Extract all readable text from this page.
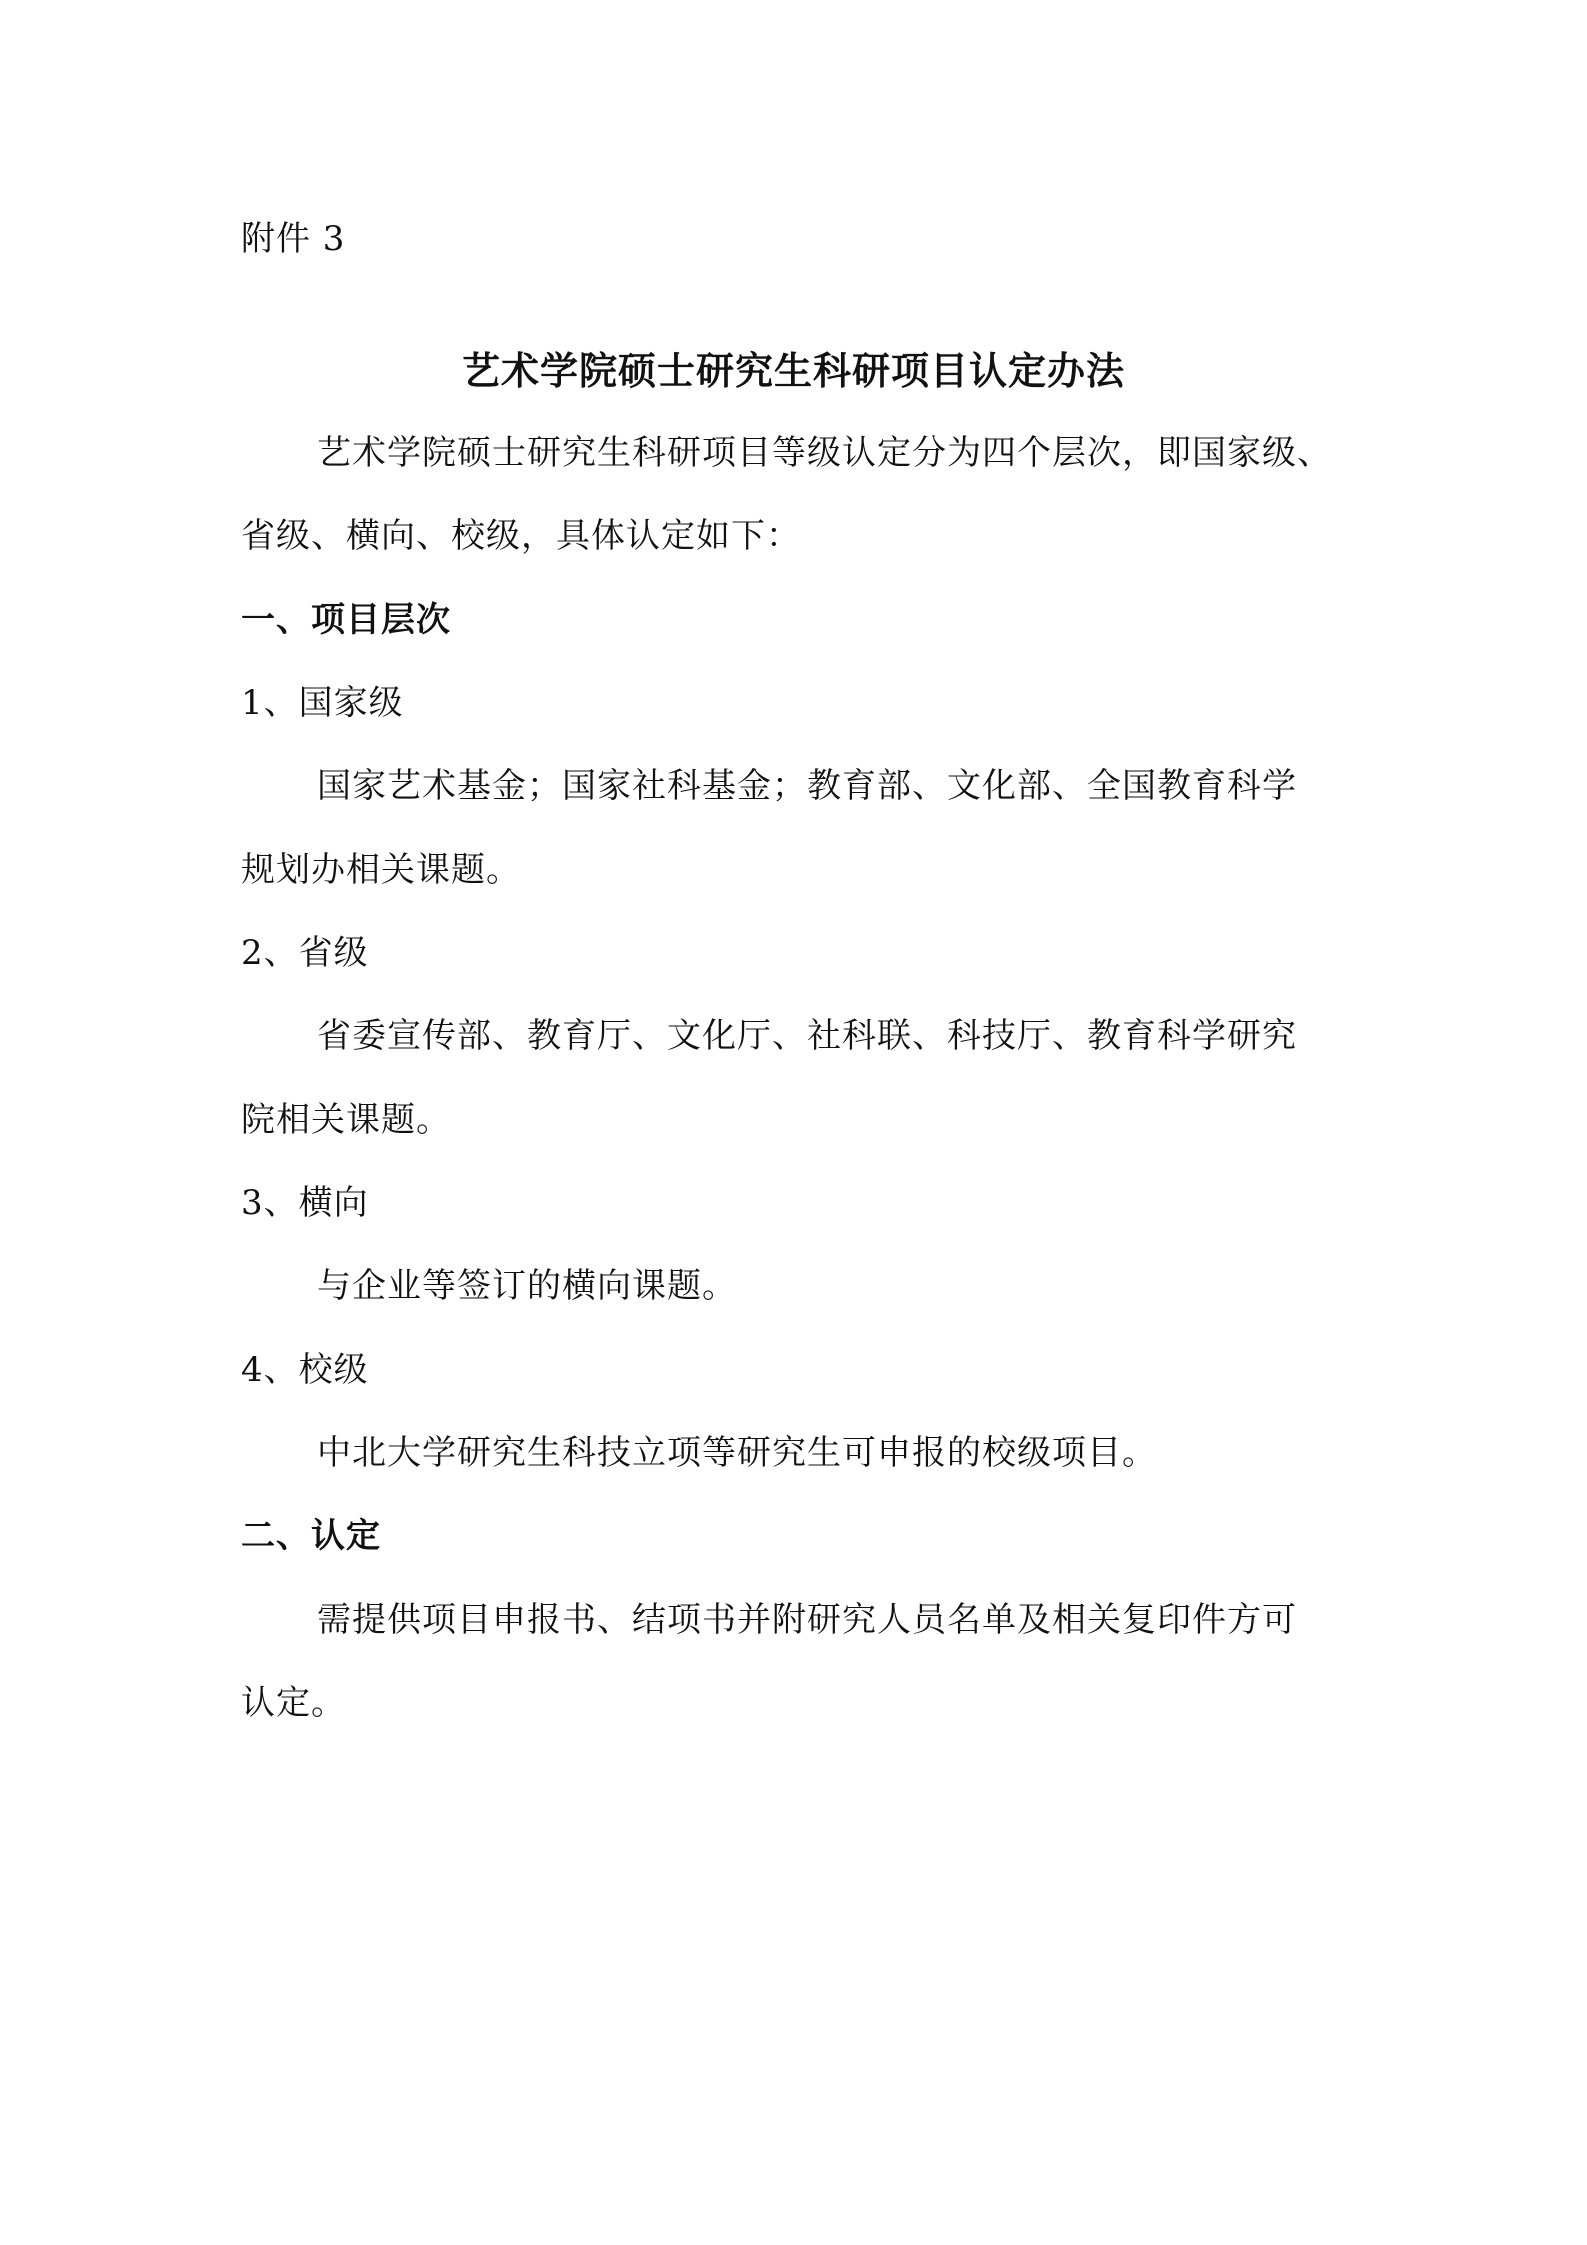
附件 3
艺术学院硕士研究生科研项目认定办法
艺术学院硕士研究生科研项目等级认定分为四个层次，即国家级、
省级、横向、校级，具体认定如下：
一、项目层次
1、国家级
国家艺术基金；国家社科基金；教育部、文化部、全国教育科学
规划办相关课题。
2、省级
省委宣传部、教育厅、文化厅、社科联、科技厅、教育科学研究
院相关课题。
3、横向
与企业等签订的横向课题。
4、校级
中北大学研究生科技立项等研究生可申报的校级项目。
二、认定
需提供项目申报书、结项书并附研究人员名单及相关复印件方可
认定。
